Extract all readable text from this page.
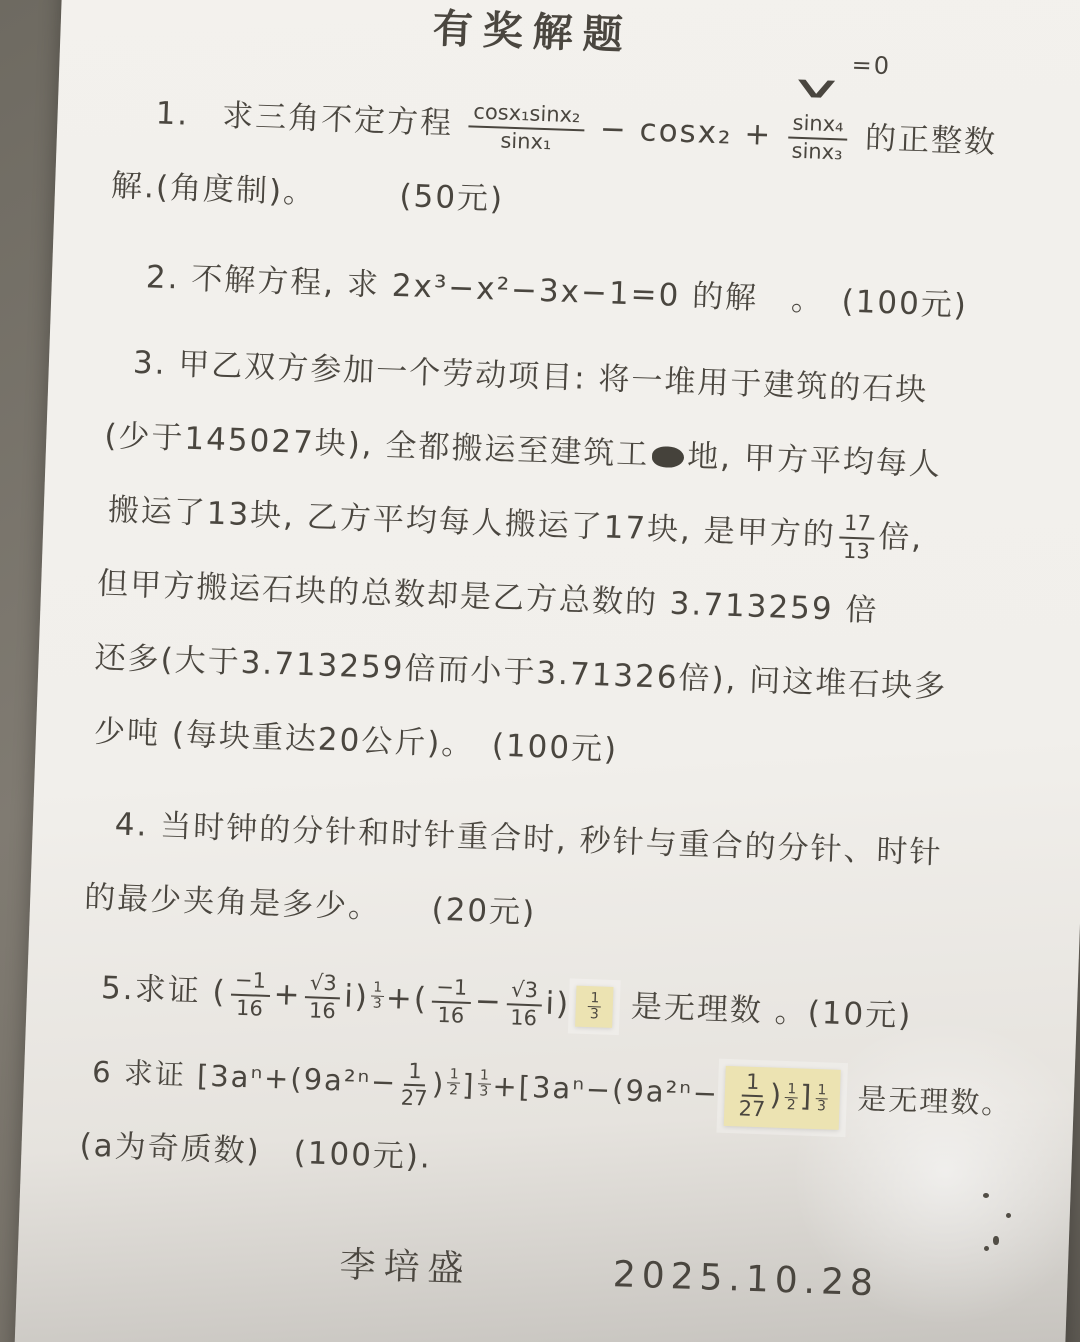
有奖解题
1.　求三角不定方程 $\frac{\text{cosx₁sinx₂}}{\text{sinx₁}} - \cos x_2 + \frac{\text{sinx₄}}{\text{sinx₃}}$
∨
=0
的正整数
解.(角度制)。　　　(50元)
2. 不解方程, 求 2x³−x²−3x−1=0 的解　。　(100元)
3. 甲乙双方参加一个劳动项目: 将一堆用于建筑的石块
(少于145027块), 全都搬运至建筑工 地, 甲方平均每人
搬运了13块, 乙方平均每人搬运了17块, 是甲方的 $\frac{17}{13}$ 倍,
但甲方搬运石块的总数却是乙方总数的 3.713259 倍
还多(大于3.713259倍而小于3.71326倍), 问这堆石块多
少吨 (每块重达20公斤)。　(100元)
4. 当时钟的分针和时针重合时, 秒针与重合的分针、时针
的最少夹角是多少。　　(20元)
5.求证 ( $\frac{-1}{16} + \frac{√3}{16} i) \frac{1}{3}$ +( $\frac{-1}{16} - \frac{√3}{16} i) \frac{1}{3}$ 是无理数 。(10元)
6 求证 [$3a^n+(9a^{2n}- \frac{1}{27}$ ) $\frac{1}{2}$ ] $\frac{1}{3} +[3a^n-(9a^{2n}- \frac{1}{27}$ ) $\frac{1}{2}$ ] $\frac{1}{3}$ 是无理数。
(a为奇质数)　(100元).
李培盛	2025.10.28
